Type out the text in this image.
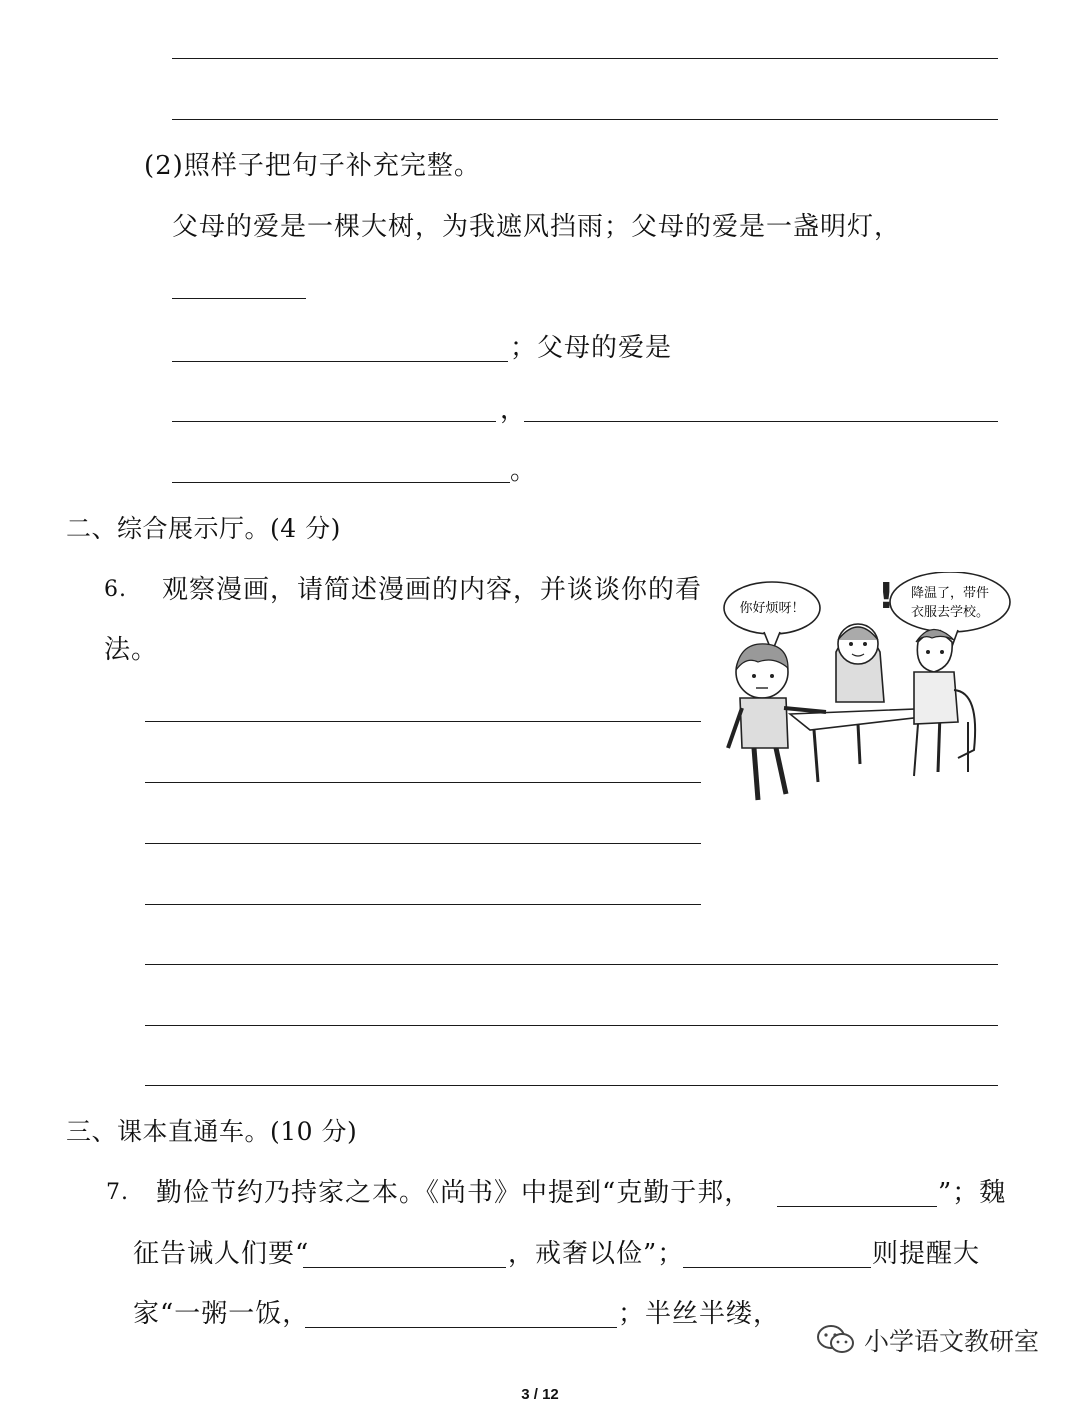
(2)照样子把句子补充完整。
父母的爱是一棵大树，为我遮风挡雨；父母的爱是一盏明灯，
；父母的爱是
，
。
二、综合展示厅。(4 分)
6. 观察漫画，请简述漫画的内容，并谈谈你的看
法。
你好烦呀！
降温了，带件
衣服去学校。
!
三、课本直通车。(10 分)
7. 勤俭节约乃持家之本。《尚书》中提到“克勤于邦，	”；魏
征告诫人们要“	，戒奢以俭”；	则提醒大
家“一粥一饭，	；半丝半缕，
小学语文教研室
3 / 12
